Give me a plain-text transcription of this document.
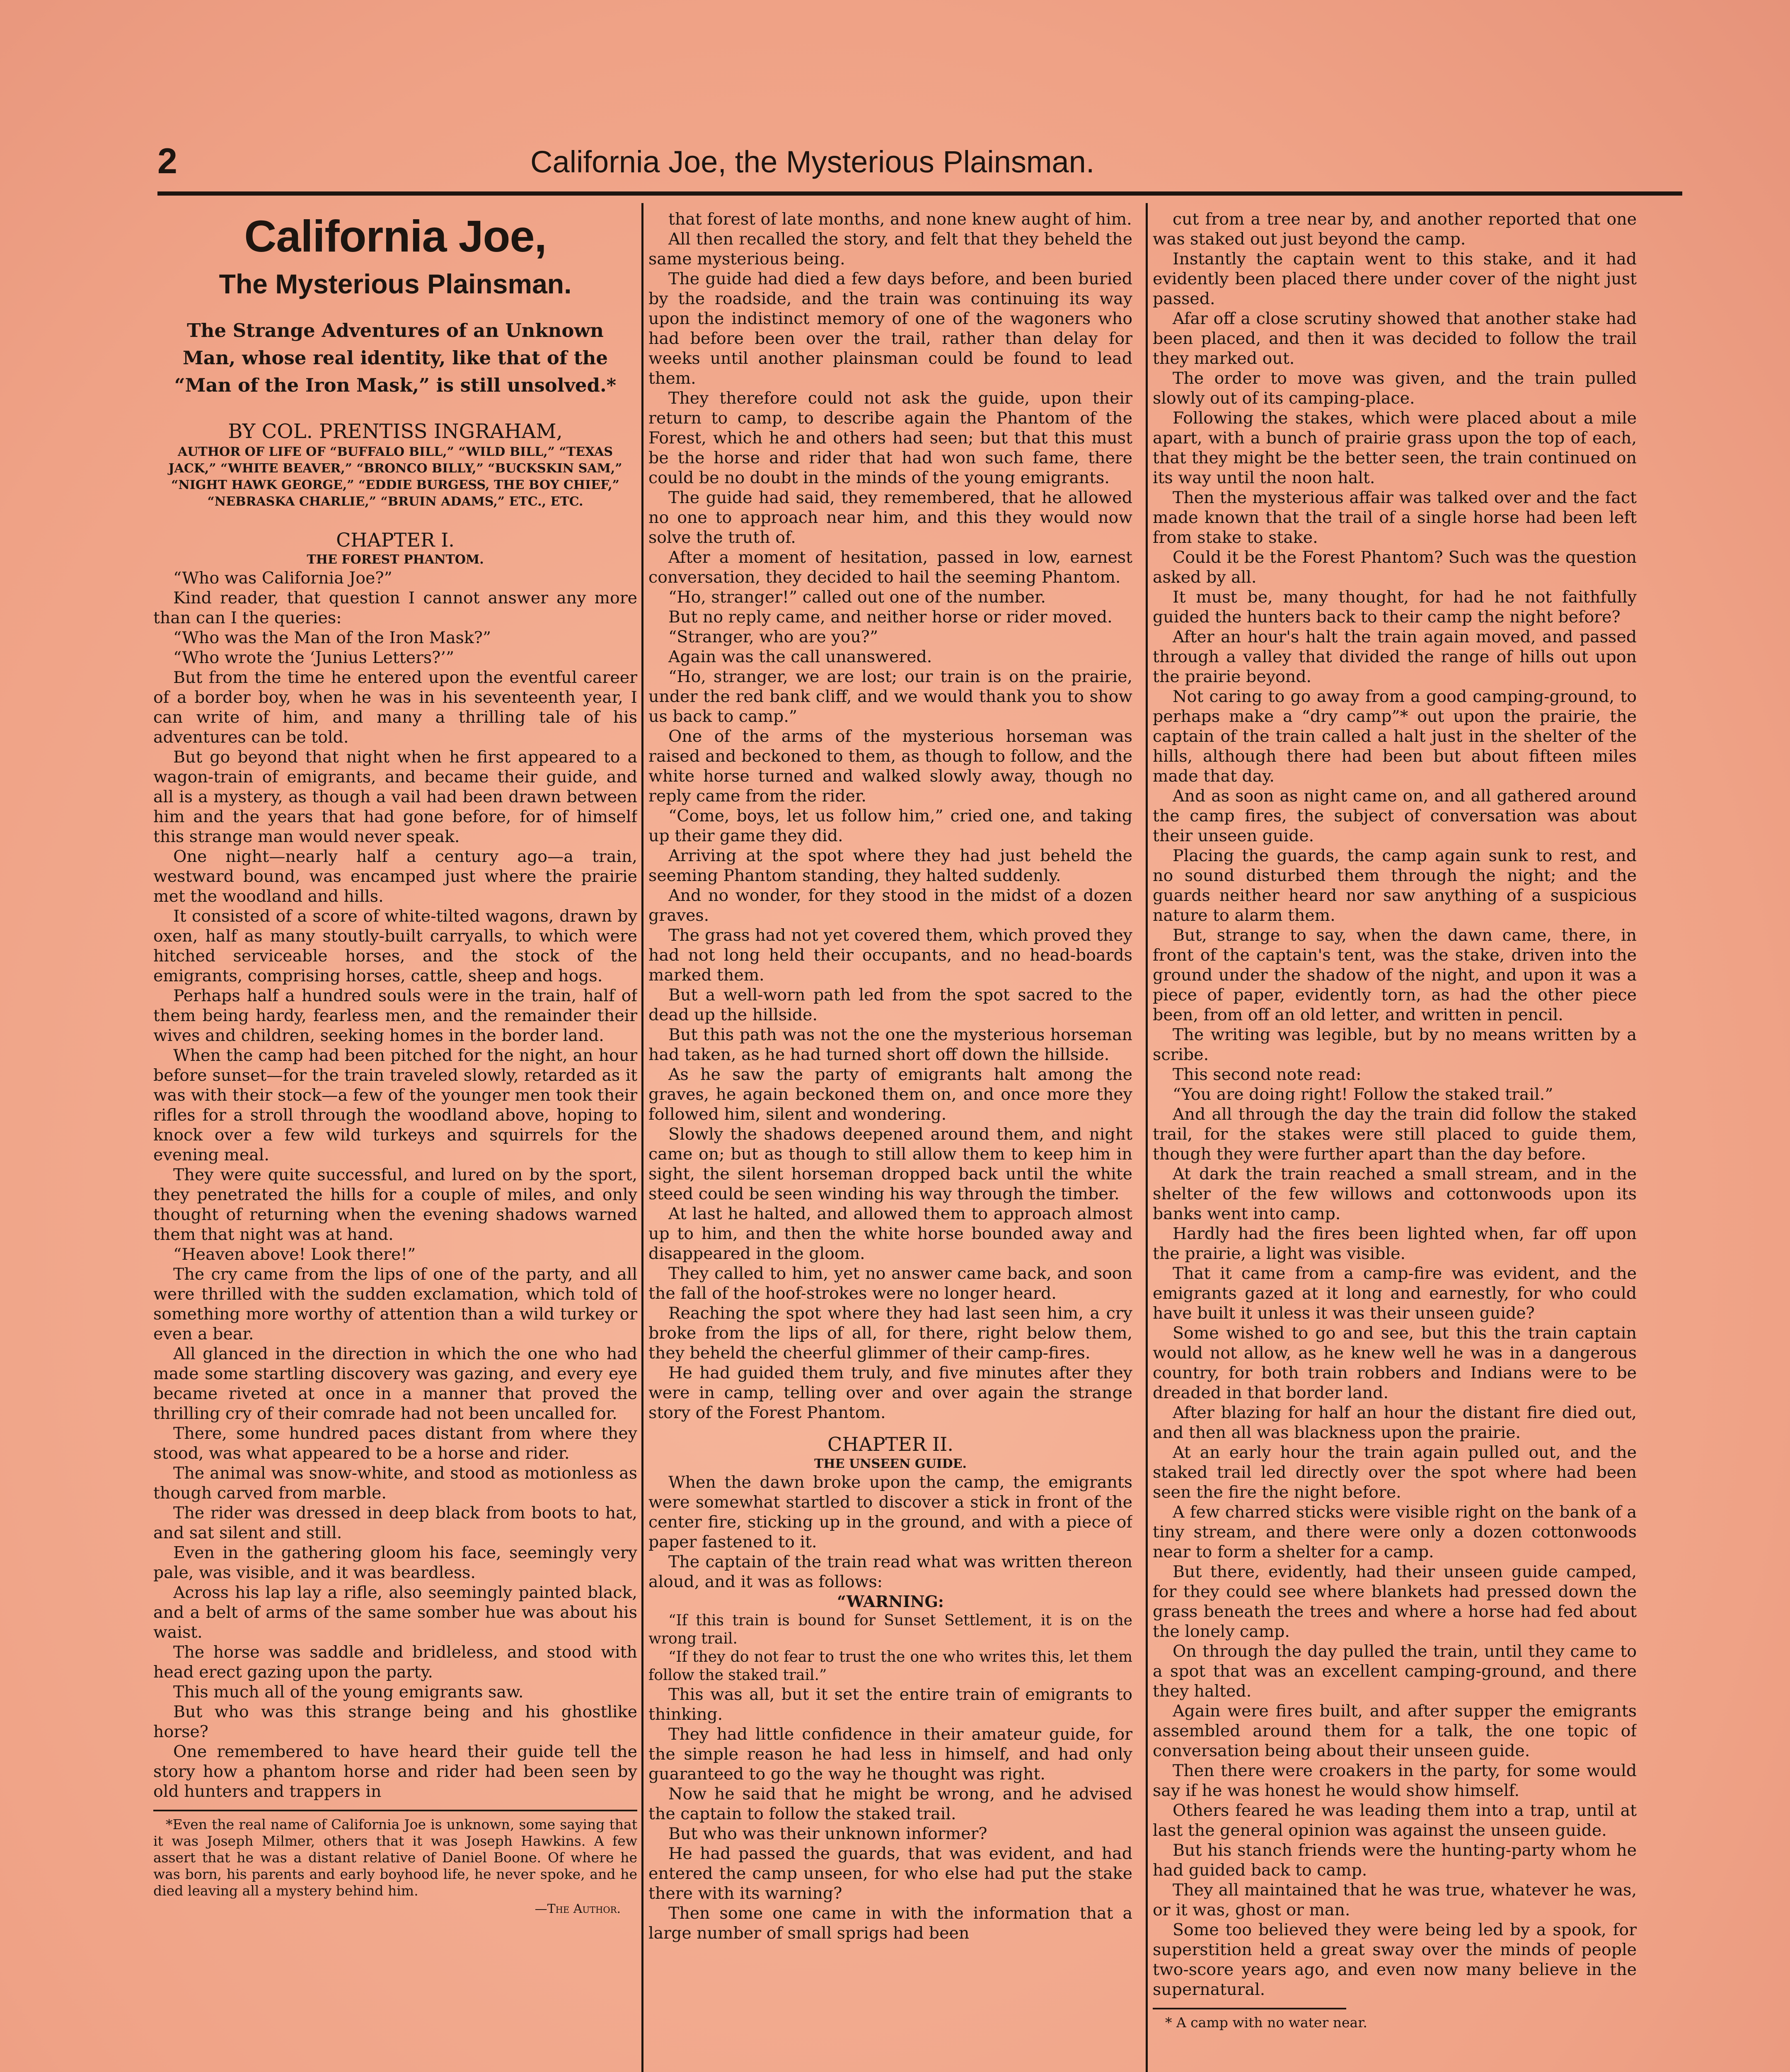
2	California Joe, the Mysterious Plainsman.
California Joe,
The Mysterious Plainsman.
The Strange Adventures of an Unknown Man, whose real identity, like that of the “Man of the Iron Mask,” is still unsolved.*
BY COL. PRENTISS INGRAHAM,
AUTHOR OF LIFE OF “BUFFALO BILL,” “WILD BILL,” “TEXAS JACK,” “WHITE BEAVER,” “BRONCO BILLY,” “BUCKSKIN SAM,” “NIGHT HAWK GEORGE,” “EDDIE BURGESS, THE BOY CHIEF,” “NEBRASKA CHARLIE,” “BRUIN ADAMS,” ETC., ETC.
CHAPTER I.
THE FOREST PHANTOM.

“Who was California Joe?”

Kind reader, that question I cannot answer any more than can I the queries:

“Who was the Man of the Iron Mask?”

“Who wrote the ‘Junius Letters?’”

But from the time he entered upon the eventful career of a border boy, when he was in his seventeenth year, I can write of him, and many a thrilling tale of his adventures can be told.

But go beyond that night when he first appeared to a wagon-train of emigrants, and became their guide, and all is a mystery, as though a vail had been drawn between him and the years that had gone before, for of himself this strange man would never speak.

One night—nearly half a century ago—a train, westward bound, was encamped just where the prairie met the woodland and hills.

It consisted of a score of white-tilted wagons, drawn by oxen, half as many stoutly-built carryalls, to which were hitched serviceable horses, and the stock of the emigrants, comprising horses, cattle, sheep and hogs.

Perhaps half a hundred souls were in the train, half of them being hardy, fearless men, and the remainder their wives and children, seeking homes in the border land.

When the camp had been pitched for the night, an hour before sunset—for the train traveled slowly, retarded as it was with their stock—a few of the younger men took their rifles for a stroll through the woodland above, hoping to knock over a few wild turkeys and squirrels for the evening meal.

They were quite successful, and lured on by the sport, they penetrated the hills for a couple of miles, and only thought of returning when the evening shadows warned them that night was at hand.

“Heaven above! Look there!”

The cry came from the lips of one of the party, and all were thrilled with the sudden exclamation, which told of something more worthy of attention than a wild turkey or even a bear.

All glanced in the direction in which the one who had made some startling discovery was gazing, and every eye became riveted at once in a manner that proved the thrilling cry of their comrade had not been uncalled for.

There, some hundred paces distant from where they stood, was what appeared to be a horse and rider.

The animal was snow-white, and stood as motionless as though carved from marble.

The rider was dressed in deep black from boots to hat, and sat silent and still.

Even in the gathering gloom his face, seemingly very pale, was visible, and it was beardless.

Across his lap lay a rifle, also seemingly painted black, and a belt of arms of the same somber hue was about his waist.

The horse was saddle and bridleless, and stood with head erect gazing upon the party.

This much all of the young emigrants saw.

But who was this strange being and his ghostlike horse?

One remembered to have heard their guide tell the story how a phantom horse and rider had been seen by old hunters and trappers in

*Even the real name of California Joe is unknown, some saying that it was Joseph Milmer, others that it was Joseph Hawkins. A few assert that he was a distant relative of Daniel Boone. Of where he was born, his parents and early boyhood life, he never spoke, and he died leaving all a mystery behind him.
—The Author.

that forest of late months, and none knew aught of him.

All then recalled the story, and felt that they beheld the same mysterious being.

The guide had died a few days before, and been buried by the roadside, and the train was continuing its way upon the indistinct memory of one of the wagoners who had before been over the trail, rather than delay for weeks until another plainsman could be found to lead them.

They therefore could not ask the guide, upon their return to camp, to describe again the Phantom of the Forest, which he and others had seen; but that this must be the horse and rider that had won such fame, there could be no doubt in the minds of the young emigrants.

The guide had said, they remembered, that he allowed no one to approach near him, and this they would now solve the truth of.

After a moment of hesitation, passed in low, earnest conversation, they decided to hail the seeming Phantom.

“Ho, stranger!” called out one of the number.

But no reply came, and neither horse or rider moved.

“Stranger, who are you?”

Again was the call unanswered.

“Ho, stranger, we are lost; our train is on the prairie, under the red bank cliff, and we would thank you to show us back to camp.”

One of the arms of the mysterious horseman was raised and beckoned to them, as though to follow, and the white horse turned and walked slowly away, though no reply came from the rider.

“Come, boys, let us follow him,” cried one, and taking up their game they did.

Arriving at the spot where they had just beheld the seeming Phantom standing, they halted suddenly.

And no wonder, for they stood in the midst of a dozen graves.

The grass had not yet covered them, which proved they had not long held their occupants, and no head-boards marked them.

But a well-worn path led from the spot sacred to the dead up the hillside.

But this path was not the one the mysterious horseman had taken, as he had turned short off down the hillside.

As he saw the party of emigrants halt among the graves, he again beckoned them on, and once more they followed him, silent and wondering.

Slowly the shadows deepened around them, and night came on; but as though to still allow them to keep him in sight, the silent horseman dropped back until the white steed could be seen winding his way through the timber.

At last he halted, and allowed them to approach almost up to him, and then the white horse bounded away and disappeared in the gloom.

They called to him, yet no answer came back, and soon the fall of the hoof-strokes were no longer heard.

Reaching the spot where they had last seen him, a cry broke from the lips of all, for there, right below them, they beheld the cheerful glimmer of their camp-fires.

He had guided them truly, and five minutes after they were in camp, telling over and over again the strange story of the Forest Phantom.

CHAPTER II.
THE UNSEEN GUIDE.

When the dawn broke upon the camp, the emigrants were somewhat startled to discover a stick in front of the center fire, sticking up in the ground, and with a piece of paper fastened to it.

The captain of the train read what was written thereon aloud, and it was as follows:

“WARNING:

“If this train is bound for Sunset Settlement, it is on the wrong trail.

“If they do not fear to trust the one who writes this, let them follow the staked trail.”

This was all, but it set the entire train of emigrants to thinking.

They had little confidence in their amateur guide, for the simple reason he had less in himself, and had only guaranteed to go the way he thought was right.

Now he said that he might be wrong, and he advised the captain to follow the staked trail.

But who was their unknown informer?

He had passed the guards, that was evident, and had entered the camp unseen, for who else had put the stake there with its warning?

Then some one came in with the information that a large number of small sprigs had been

cut from a tree near by, and another reported that one was staked out just beyond the camp.

Instantly the captain went to this stake, and it had evidently been placed there under cover of the night just passed.

Afar off a close scrutiny showed that another stake had been placed, and then it was decided to follow the trail they marked out.

The order to move was given, and the train pulled slowly out of its camping-place.

Following the stakes, which were placed about a mile apart, with a bunch of prairie grass upon the top of each, that they might be the better seen, the train continued on its way until the noon halt.

Then the mysterious affair was talked over and the fact made known that the trail of a single horse had been left from stake to stake.

Could it be the Forest Phantom? Such was the question asked by all.

It must be, many thought, for had he not faithfully guided the hunters back to their camp the night before?

After an hour's halt the train again moved, and passed through a valley that divided the range of hills out upon the prairie beyond.

Not caring to go away from a good camping-ground, to perhaps make a “dry camp”* out upon the prairie, the captain of the train called a halt just in the shelter of the hills, although there had been but about fifteen miles made that day.

And as soon as night came on, and all gathered around the camp fires, the subject of conversation was about their unseen guide.

Placing the guards, the camp again sunk to rest, and no sound disturbed them through the night; and the guards neither heard nor saw anything of a suspicious nature to alarm them.

But, strange to say, when the dawn came, there, in front of the captain's tent, was the stake, driven into the ground under the shadow of the night, and upon it was a piece of paper, evidently torn, as had the other piece been, from off an old letter, and written in pencil.

The writing was legible, but by no means written by a scribe.

This second note read:

“You are doing right! Follow the staked trail.”

And all through the day the train did follow the staked trail, for the stakes were still placed to guide them, though they were further apart than the day before.

At dark the train reached a small stream, and in the shelter of the few willows and cottonwoods upon its banks went into camp.

Hardly had the fires been lighted when, far off upon the prairie, a light was visible.

That it came from a camp-fire was evident, and the emigrants gazed at it long and earnestly, for who could have built it unless it was their unseen guide?

Some wished to go and see, but this the train captain would not allow, as he knew well he was in a dangerous country, for both train robbers and Indians were to be dreaded in that border land.

After blazing for half an hour the distant fire died out, and then all was blackness upon the prairie.

At an early hour the train again pulled out, and the staked trail led directly over the spot where had been seen the fire the night before.

A few charred sticks were visible right on the bank of a tiny stream, and there were only a dozen cottonwoods near to form a shelter for a camp.

But there, evidently, had their unseen guide camped, for they could see where blankets had pressed down the grass beneath the trees and where a horse had fed about the lonely camp.

On through the day pulled the train, until they came to a spot that was an excellent camping-ground, and there they halted.

Again were fires built, and after supper the emigrants assembled around them for a talk, the one topic of conversation being about their unseen guide.

Then there were croakers in the party, for some would say if he was honest he would show himself.

Others feared he was leading them into a trap, until at last the general opinion was against the unseen guide.

But his stanch friends were the hunting-party whom he had guided back to camp.

They all maintained that he was true, whatever he was, or it was, ghost or man.

Some too believed they were being led by a spook, for superstition held a great sway over the minds of people two-score years ago, and even now many believe in the supernatural.

* A camp with no water near.
